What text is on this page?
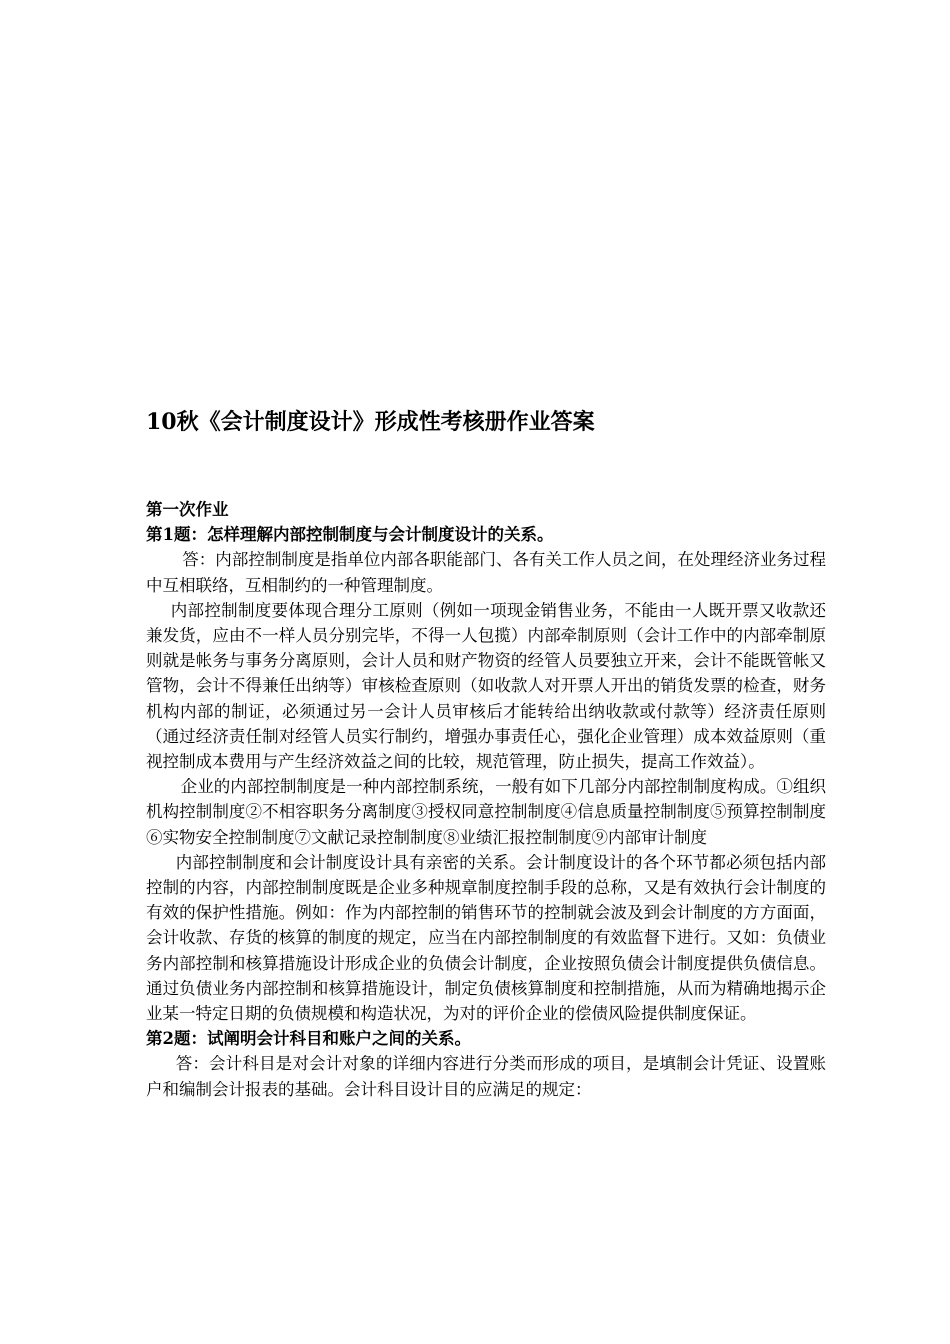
10秋《会计制度设计》形成性考核册作业答案

第一次作业

第1题：怎样理解内部控制制度与会计制度设计的关系。

答：内部控制制度是指单位内部各职能部门、各有关工作人员之间，在处理经济业务过程中互相联络，互相制约的一种管理制度。

内部控制制度要体现合理分工原则（例如一项现金销售业务，不能由一人既开票又收款还兼发货，应由不一样人员分别完毕，不得一人包揽）内部牵制原则（会计工作中的内部牵制原则就是帐务与事务分离原则，会计人员和财产物资的经管人员要独立开来，会计不能既管帐又管物，会计不得兼任出纳等）审核检查原则（如收款人对开票人开出的销货发票的检查，财务机构内部的制证，必须通过另一会计人员审核后才能转给出纳收款或付款等）经济责任原则（通过经济责任制对经管人员实行制约，增强办事责任心，强化企业管理）成本效益原则（重视控制成本费用与产生经济效益之间的比较，规范管理，防止损失，提高工作效益）。

企业的内部控制制度是一种内部控制系统，一般有如下几部分内部控制制度构成。①组织机构控制制度②不相容职务分离制度③授权同意控制制度④信息质量控制制度⑤预算控制制度⑥实物安全控制制度⑦文献记录控制制度⑧业绩汇报控制制度⑨内部审计制度

内部控制制度和会计制度设计具有亲密的关系。会计制度设计的各个环节都必须包括内部控制的内容，内部控制制度既是企业多种规章制度控制手段的总称，又是有效执行会计制度的有效的保护性措施。例如：作为内部控制的销售环节的控制就会波及到会计制度的方方面面，会计收款、存货的核算的制度的规定，应当在内部控制制度的有效监督下进行。又如：负债业务内部控制和核算措施设计形成企业的负债会计制度，企业按照负债会计制度提供负债信息。通过负债业务内部控制和核算措施设计，制定负债核算制度和控制措施，从而为精确地揭示企业某一特定日期的负债规模和构造状况，为对的评价企业的偿债风险提供制度保证。

第2题：试阐明会计科目和账户之间的关系。

答：会计科目是对会计对象的详细内容进行分类而形成的项目，是填制会计凭证、设置账户和编制会计报表的基础。会计科目设计目的应满足的规定：
